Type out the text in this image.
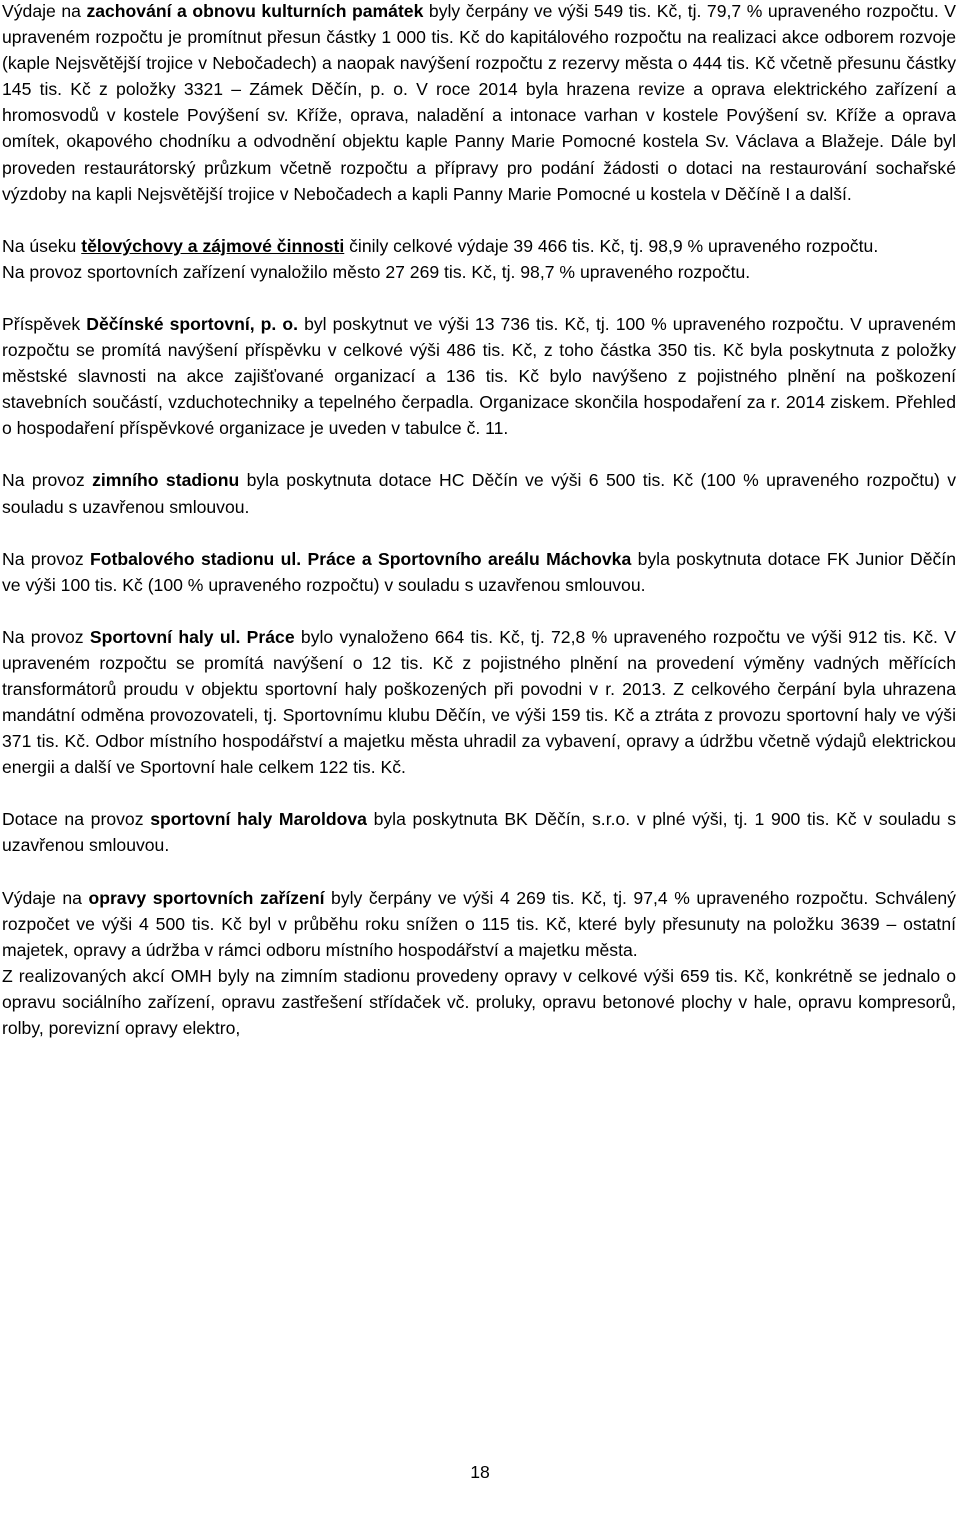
Výdaje na zachování a obnovu kulturních památek byly čerpány ve výši 549 tis. Kč, tj. 79,7 % upraveného rozpočtu. V upraveném rozpočtu je promítnut přesun částky 1 000 tis. Kč do kapitálového rozpočtu na realizaci akce odborem rozvoje (kaple Nejsvětější trojice v Nebočadech) a naopak navýšení rozpočtu z rezervy města o 444 tis. Kč včetně přesunu částky 145 tis. Kč z položky 3321 – Zámek Děčín, p. o. V roce 2014 byla hrazena revize a oprava elektrického zařízení a hromosvodů v kostele Povýšení sv. Kříže, oprava, naladění a intonace varhan v kostele Povýšení sv. Kříže a oprava omítek, okapového chodníku a odvodnění objektu kaple Panny Marie Pomocné kostela Sv. Václava a Blažeje. Dále byl proveden restaurátorský průzkum včetně rozpočtu a přípravy pro podání žádosti o dotaci na restaurování sochařské výzdoby na kapli Nejsvětější trojice v Nebočadech a kapli Panny Marie Pomocné u kostela v Děčíně I a další.

Na úseku tělovýchovy a zájmové činnosti činily celkové výdaje 39 466 tis. Kč, tj. 98,9 % upraveného rozpočtu.

Na provoz sportovních zařízení vynaložilo město 27 269 tis. Kč, tj. 98,7 % upraveného rozpočtu.

Příspěvek Děčínské sportovní, p. o. byl poskytnut ve výši 13 736 tis. Kč, tj. 100 % upraveného rozpočtu. V upraveném rozpočtu se promítá navýšení příspěvku v celkové výši 486 tis. Kč, z toho částka 350 tis. Kč byla poskytnuta z položky městské slavnosti na akce zajišťované organizací a 136 tis. Kč bylo navýšeno z pojistného plnění na poškození stavebních součástí, vzduchotechniky a tepelného čerpadla. Organizace skončila hospodaření za r. 2014 ziskem. Přehled o hospodaření příspěvkové organizace je uveden v tabulce č. 11.

Na provoz zimního stadionu byla poskytnuta dotace HC Děčín ve výši 6 500 tis. Kč (100 % upraveného rozpočtu) v souladu s uzavřenou smlouvou.

Na provoz Fotbalového stadionu ul. Práce a Sportovního areálu Máchovka byla poskytnuta dotace FK Junior Děčín ve výši 100 tis. Kč (100 % upraveného rozpočtu) v souladu s uzavřenou smlouvou.

Na provoz Sportovní haly ul. Práce bylo vynaloženo 664 tis. Kč, tj. 72,8 % upraveného rozpočtu ve výši 912 tis. Kč. V upraveném rozpočtu se promítá navýšení o 12 tis. Kč z pojistného plnění na provedení výměny vadných měřících transformátorů proudu v objektu sportovní haly poškozených při povodni v r. 2013. Z celkového čerpání byla uhrazena mandátní odměna provozovateli, tj. Sportovnímu klubu Děčín, ve výši 159 tis. Kč a ztráta z provozu sportovní haly ve výši 371 tis. Kč. Odbor místního hospodářství a majetku města uhradil za vybavení, opravy a údržbu včetně výdajů elektrickou energii a další ve Sportovní hale celkem 122 tis. Kč.

Dotace na provoz sportovní haly Maroldova byla poskytnuta BK Děčín, s.r.o. v plné výši, tj. 1 900 tis. Kč v souladu s uzavřenou smlouvou.

Výdaje na opravy sportovních zařízení byly čerpány ve výši 4 269 tis. Kč, tj. 97,4 % upraveného rozpočtu. Schválený rozpočet ve výši 4 500 tis. Kč byl v průběhu roku snížen o 115 tis. Kč, které byly přesunuty na položku 3639 – ostatní majetek, opravy a údržba v rámci odboru místního hospodářství a majetku města.

Z realizovaných akcí OMH byly na zimním stadionu provedeny opravy v celkové výši 659 tis. Kč, konkrétně se jednalo o opravu sociálního zařízení, opravu zastřešení střídaček vč. proluky, opravu betonové plochy v hale, opravu kompresorů, rolby, porevizní opravy elektro,

18
